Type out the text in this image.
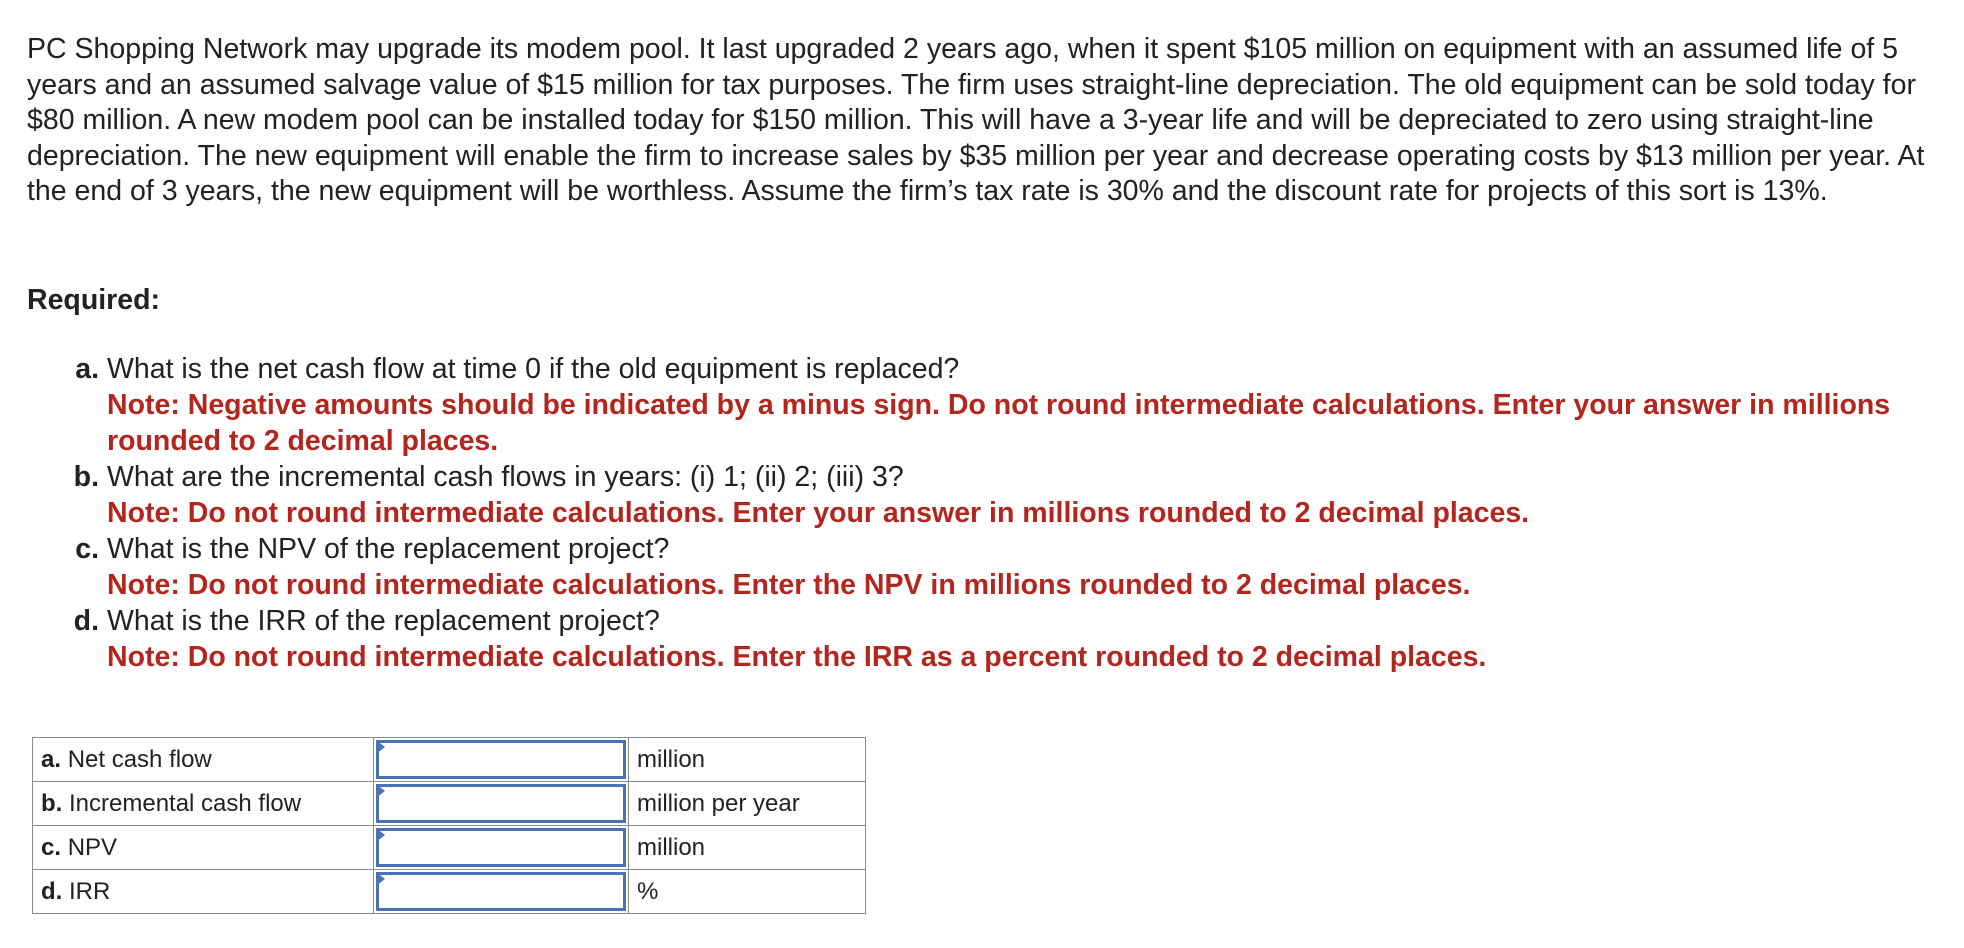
PC Shopping Network may upgrade its modem pool. It last upgraded 2 years ago, when it spent $105 million on equipment with an assumed life of 5 years and an assumed salvage value of $15 million for tax purposes. The firm uses straight-line depreciation. The old equipment can be sold today for $80 million. A new modem pool can be installed today for $150 million. This will have a 3-year life and will be depreciated to zero using straight-line depreciation. The new equipment will enable the firm to increase sales by $35 million per year and decrease operating costs by $13 million per year. At the end of 3 years, the new equipment will be worthless. Assume the firm’s tax rate is 30% and the discount rate for projects of this sort is 13%.

Required:

a. What is the net cash flow at time 0 if the old equipment is replaced?
Note: Negative amounts should be indicated by a minus sign. Do not round intermediate calculations. Enter your answer in millions rounded to 2 decimal places.
b. What are the incremental cash flows in years: (i) 1; (ii) 2; (iii) 3?
Note: Do not round intermediate calculations. Enter your answer in millions rounded to 2 decimal places.
c. What is the NPV of the replacement project?
Note: Do not round intermediate calculations. Enter the NPV in millions rounded to 2 decimal places.
d. What is the IRR of the replacement project?
Note: Do not round intermediate calculations. Enter the IRR as a percent rounded to 2 decimal places.
a. Net cash flow		million
b. Incremental cash flow		million per year
c. NPV		million
d. IRR		%
